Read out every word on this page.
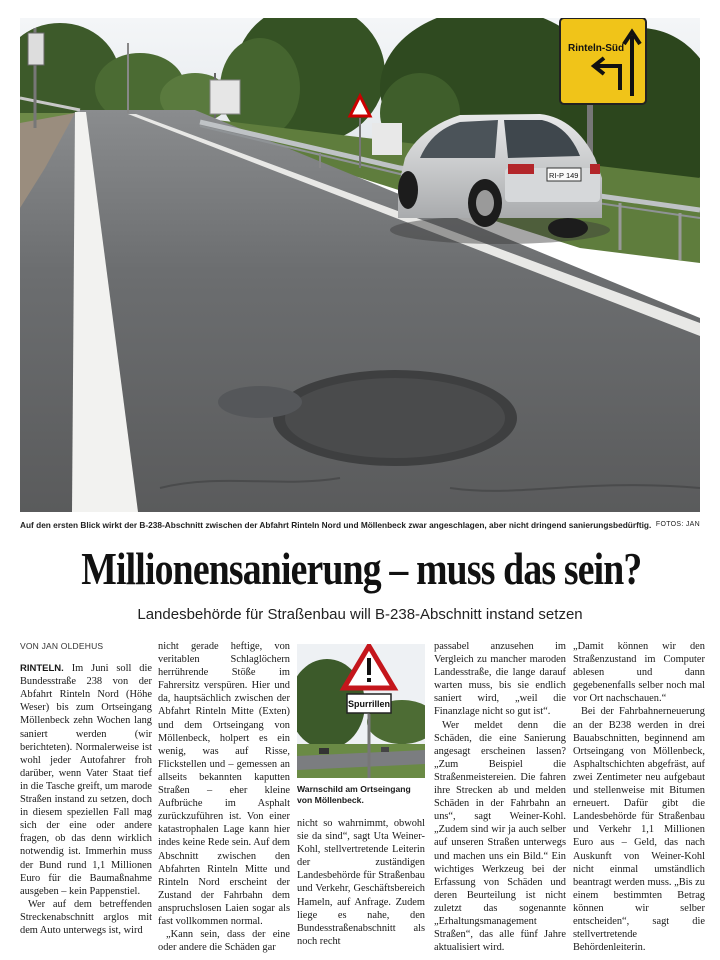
Rinteln-Süd
RI-P 149
Auf den ersten Blick wirkt der B-238-Abschnitt zwischen der Abfahrt Rinteln Nord und Möllenbeck zwar angeschlagen, aber nicht dringend sanierungsbedürftig. FOTOS: JAN
Millionensanierung – muss das sein?
Landesbehörde für Straßenbau will B-238-Abschnitt instand setzen
VON JAN OLDEHUS

RINTELN. Im Juni soll die Bundesstraße 238 von der Abfahrt Rinteln Nord (Höhe Weser) bis zum Ortseingang Möllenbeck zehn Wochen lang saniert werden (wir berichteten). Normalerweise ist wohl jeder Autofahrer froh darüber, wenn Vater Staat tief in die Tasche greift, um marode Straßen instand zu setzen, doch in diesem speziellen Fall mag sich der eine oder andere fragen, ob das denn wirklich notwendig ist. Immerhin muss der Bund rund 1,1 Millionen Euro für die Baumaßnahme ausgeben – kein Pappenstiel.

Wer auf dem betreffenden Streckenabschnitt arglos mit dem Auto unterwegs ist, wird

nicht gerade heftige, von veritablen Schlaglöchern herrührende Stöße im Fahrersitz verspüren. Hier und da, hauptsächlich zwischen der Abfahrt Rinteln Mitte (Exten) und dem Ortseingang von Möllenbeck, holpert es ein wenig, was auf Risse, Flickstellen und – gemessen an allseits bekannten kaputten Straßen – eher kleine Aufbrüche im Asphalt zurückzuführen ist. Von einer katastrophalen Lage kann hier indes keine Rede sein. Auf dem Abschnitt zwischen den Abfahrten Rinteln Mitte und Rinteln Nord erscheint der Zustand der Fahrbahn dem anspruchslosen Laien sogar als fast vollkommen normal.

„Kann sein, dass der eine oder andere die Schäden gar

Spurrillen
Warnschild am Ortseingang von Möllenbeck.

nicht so wahrnimmt, obwohl sie da sind“, sagt Uta Weiner-Kohl, stellvertretende Leiterin der zuständigen Landesbehörde für Straßenbau und Verkehr, Geschäftsbereich Hameln, auf Anfrage. Zudem liege es nahe, den Bundesstraßenabschnitt als noch recht

passabel anzusehen im Vergleich zu mancher maroden Landesstraße, die lange darauf warten muss, bis sie endlich saniert wird, „weil die Finanzlage nicht so gut ist“.

Wer meldet denn die Schäden, die eine Sanierung angesagt erscheinen lassen? „Zum Beispiel die Straßenmeistereien. Die fahren ihre Strecken ab und melden Schäden in der Fahrbahn an uns“, sagt Weiner-Kohl. „Zudem sind wir ja auch selber auf unseren Straßen unterwegs und machen uns ein Bild.“ Ein wichtiges Werkzeug bei der Erfassung von Schäden und deren Beurteilung ist nicht zuletzt das sogenannte „Erhaltungsmanagement Straßen“, das alle fünf Jahre aktualisiert wird.

„Damit können wir den Straßenzustand im Computer ablesen und dann gegebenenfalls selber noch mal vor Ort nachschauen.“

Bei der Fahrbahnerneuerung an der B238 werden in drei Bauabschnitten, beginnend am Ortseingang von Möllenbeck, Asphaltschichten abgefräst, auf zwei Zentimeter neu aufgebaut und stellenweise mit Bitumen erneuert. Dafür gibt die Landesbehörde für Straßenbau und Verkehr 1,1 Millionen Euro aus – Geld, das nach Auskunft von Weiner-Kohl nicht einmal umständlich beantragt werden muss. „Bis zu einem bestimmten Betrag können wir selber entscheiden“, sagt die stellvertretende Behördenleiterin.
